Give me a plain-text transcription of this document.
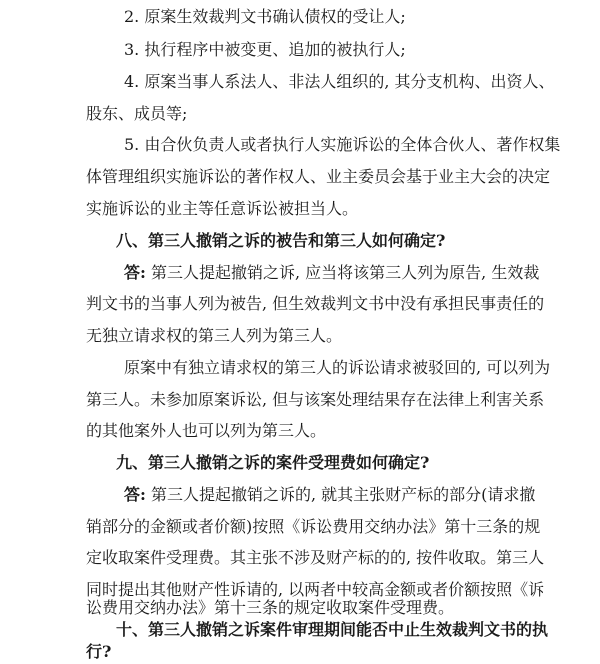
2. 原案生效裁判文书确认债权的受让人;
3. 执行程序中被变更、追加的被执行人;
4. 原案当事人系法人、非法人组织的, 其分支机构、出资人、
股东、成员等;
5. 由合伙负责人或者执行人实施诉讼的全体合伙人、著作权集
体管理组织实施诉讼的著作权人、业主委员会基于业主大会的决定
实施诉讼的业主等任意诉讼被担当人。
八、第三人撤销之诉的被告和第三人如何确定?
答: 第三人提起撤销之诉, 应当将该第三人列为原告, 生效裁
判文书的当事人列为被告, 但生效裁判文书中没有承担民事责任的
无独立请求权的第三人列为第三人。
原案中有独立请求权的第三人的诉讼请求被驳回的, 可以列为
第三人。未参加原案诉讼, 但与该案处理结果存在法律上利害关系
的其他案外人也可以列为第三人。
九、第三人撤销之诉的案件受理费如何确定?
答: 第三人提起撤销之诉的, 就其主张财产标的部分(请求撤
销部分的金额或者价额)按照《诉讼费用交纳办法》第十三条的规
定收取案件受理费。其主张不涉及财产标的的, 按件收取。第三人
同时提出其他财产性诉请的, 以两者中较高金额或者价额按照《诉
讼费用交纳办法》第十三条的规定收取案件受理费。
十、第三人撤销之诉案件审理期间能否中止生效裁判文书的执
行?
